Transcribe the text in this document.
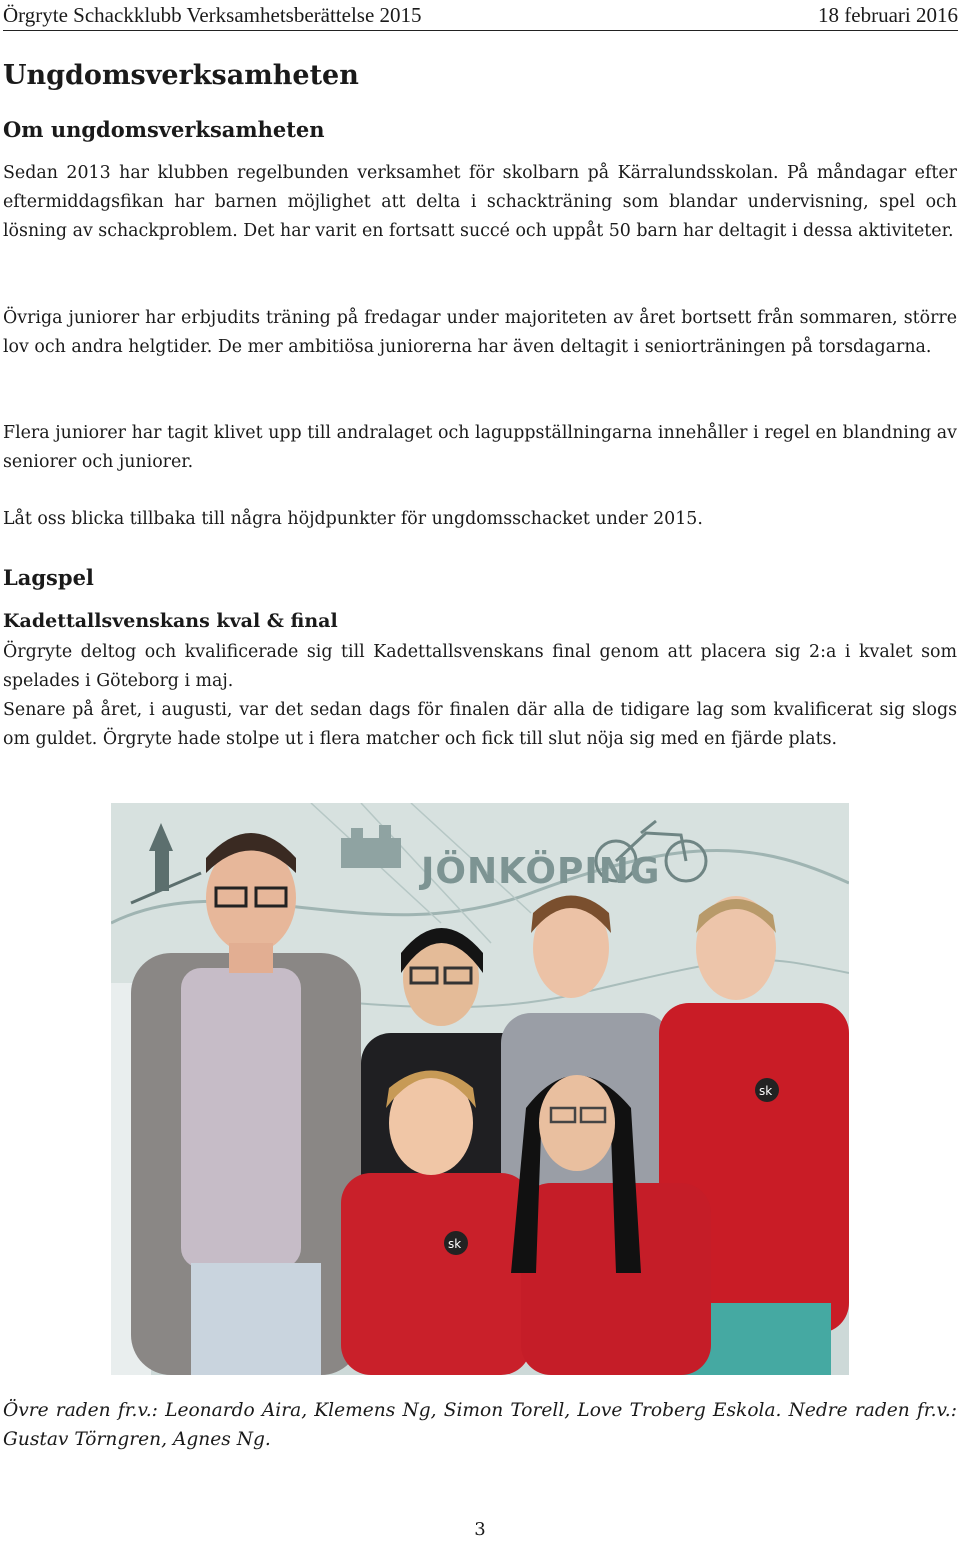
Örgryte Schackklubb Verksamhetsberättelse 2015	18 februari 2016
Ungdomsverksamheten
Om ungdomsverksamheten

Sedan 2013 har klubben regelbunden verksamhet för skolbarn på Kärralundsskolan. På måndagar efter eftermiddagsfikan har barnen möjlighet att delta i schackträning som blandar undervisning, spel och lösning av schackproblem. Det har varit en fortsatt succé och uppåt 50 barn har deltagit i dessa aktiviteter.

Övriga juniorer har erbjudits träning på fredagar under majoriteten av året bortsett från sommaren, större lov och andra helgtider. De mer ambitiösa juniorerna har även deltagit i seniorträningen på torsdagarna.

Flera juniorer har tagit klivet upp till andralaget och laguppställningarna innehåller i regel en blandning av seniorer och juniorer.

Låt oss blicka tillbaka till några höjdpunkter för ungdomsschacket under 2015.

Lagspel
Kadettallsvenskans kval & final

Örgryte deltog och kvalificerade sig till Kadettallsvenskans final genom att placera sig 2:a i kvalet som spelades i Göteborg i maj.

Senare på året, i augusti, var det sedan dags för finalen där alla de tidigare lag som kvalificerat sig slogs om guldet. Örgryte hade stolpe ut i flera matcher och fick till slut nöja sig med en fjärde plats.

JÖNKÖPING
sk
sk

Övre raden fr.v.: Leonardo Aira, Klemens Ng, Simon Torell, Love Troberg Eskola. Nedre raden fr.v.: Gustav Törngren, Agnes Ng.

3
